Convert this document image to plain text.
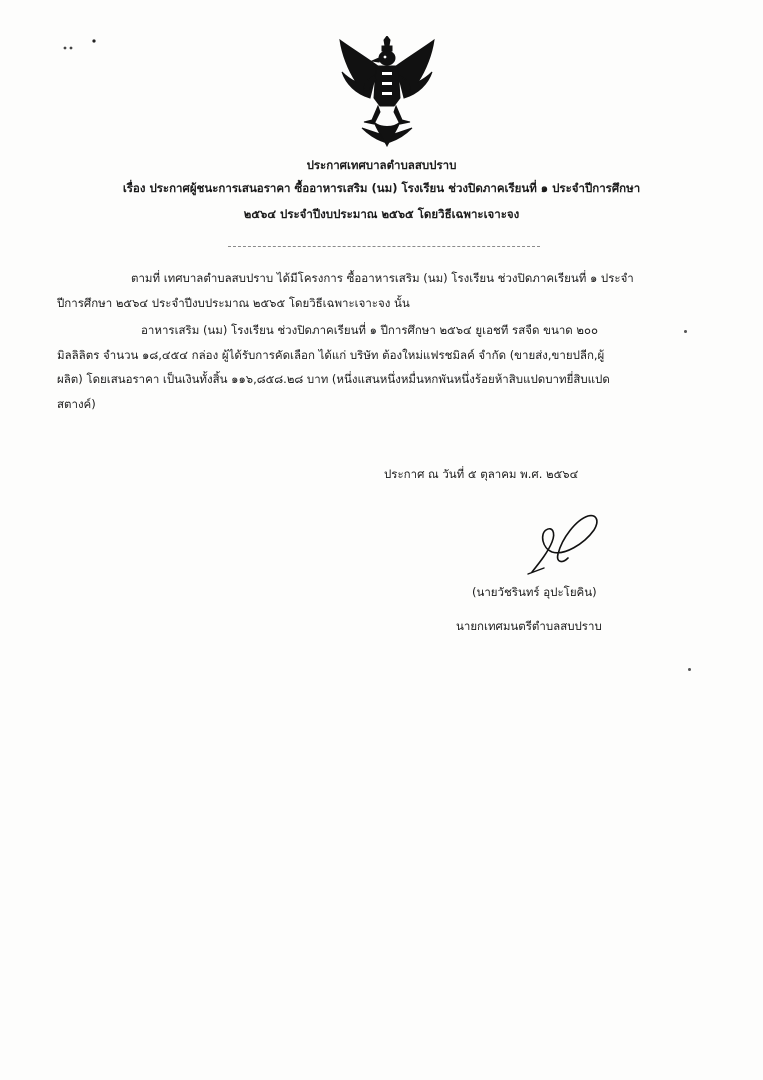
ประกาศเทศบาลตำบลสบปราบ
เรื่อง ประกาศผู้ชนะการเสนอราคา ซื้ออาหารเสริม (นม) โรงเรียน ช่วงปิดภาคเรียนที่ ๑ ประจำปีการศึกษา
๒๕๖๔ ประจำปีงบประมาณ ๒๕๖๕ โดยวิธีเฉพาะเจาะจง
ตามที่ เทศบาลตำบลสบปราบ ได้มีโครงการ ซื้ออาหารเสริม (นม) โรงเรียน ช่วงปิดภาคเรียนที่ ๑ ประจำ
ปีการศึกษา ๒๕๖๔ ประจำปีงบประมาณ ๒๕๖๕ โดยวิธีเฉพาะเจาะจง นั้น
อาหารเสริม (นม) โรงเรียน ช่วงปิดภาคเรียนที่ ๑ ปีการศึกษา ๒๕๖๔ ยูเอชที รสจืด ขนาด ๒๐๐
มิลลิลิตร จำนวน ๑๘,๔๕๔ กล่อง ผู้ได้รับการคัดเลือก ได้แก่ บริษัท ต้องใหม่แฟรชมิลค์ จำกัด (ขายส่ง,ขายปลีก,ผู้
ผลิต) โดยเสนอราคา เป็นเงินทั้งสิ้น ๑๑๖,๘๕๘.๒๘ บาท (หนึ่งแสนหนึ่งหมื่นหกพันหนึ่งร้อยห้าสิบแปดบาทยี่สิบแปด
สตางค์)
ประกาศ ณ วันที่ ๕ ตุลาคม พ.ศ. ๒๕๖๔
(นายวัชรินทร์ อุปะโยคิน)
นายกเทศมนตรีตำบลสบปราบ
